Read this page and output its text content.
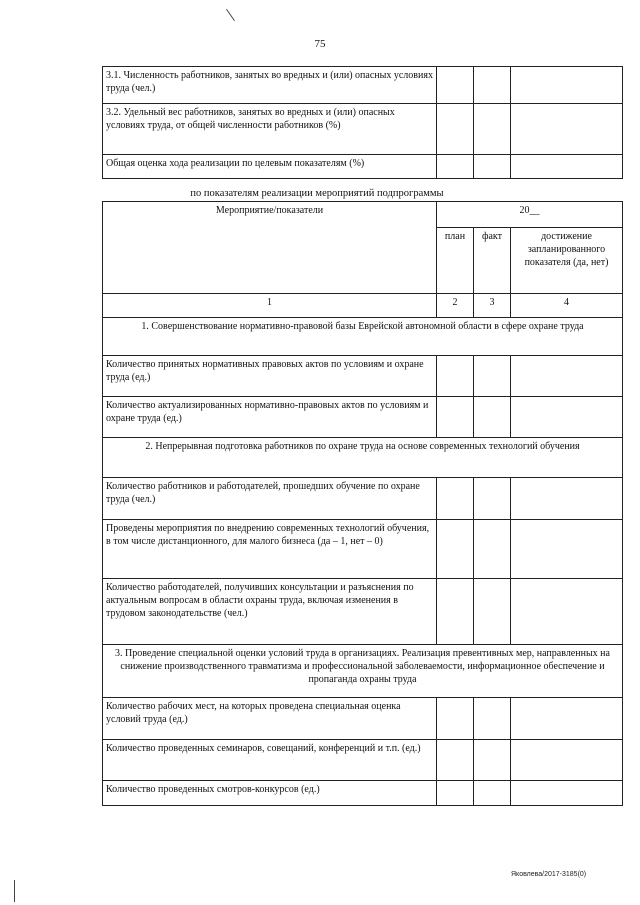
75
3.1. Численность работников, занятых во вредных и (или) опасных условиях труда (чел.)			
3.2. Удельный вес работников, занятых во вредных и (или) опасных условиях труда, от общей численности работников (%)			
Общая оценка хода реализации по целевым показателям (%)			
по показателям реализации мероприятий подпрограммы
Мероприятие/показатели	20__		
	план	факт	достижение запланированного показателя (да, нет)
1	2	3	4
1. Совершенствование нормативно-правовой базы Еврейской автономной области в сфере охране труда			
Количество принятых нормативных правовых актов по условиям и охране труда (ед.)			
Количество актуализированных нормативно-правовых актов по условиям и охране труда (ед.)			
2. Непрерывная подготовка работников по охране труда на основе современных технологий обучения			
Количество работников и работодателей, прошедших обучение по охране труда (чел.)			
Проведены мероприятия по внедрению современных технологий обучения, в том числе дистанционного, для малого бизнеса (да – 1, нет – 0)			
Количество работодателей, получивших консультации и разъяснения по актуальным вопросам в области охраны труда, включая изменения в трудовом законодательстве (чел.)			
3. Проведение специальной оценки условий труда в организациях. Реализация превентивных мер, направленных на снижение производственного травматизма и профессиональной заболеваемости, информационное обеспечение и пропаганда охраны труда			
Количество рабочих мест, на которых проведена специальная оценка условий труда (ед.)			
Количество проведенных семинаров, совещаний, конференций и т.п. (ед.)			
Количество проведенных смотров-конкурсов (ед.)			
Яковлева/2017-3185(0)
